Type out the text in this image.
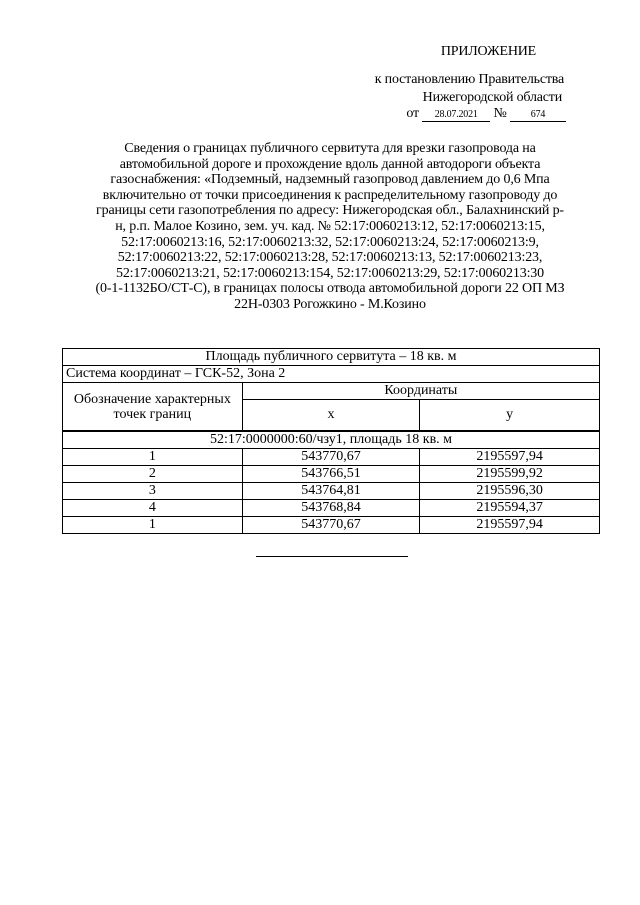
ПРИЛОЖЕНИЕ
к постановлению Правительства
Нижегородской области
от 28.07.2021 № 674
Сведения о границах публичного сервитута для врезки газопровода на
автомобильной дороге и прохождение вдоль данной автодороги объекта
газоснабжения: «Подземный, надземный газопровод давлением до 0,6 Мпа
включительно от точки присоединения к распределительному газопроводу до
границы сети газопотребления по адресу: Нижегородская обл., Балахнинский р-
н, р.п. Малое Козино, зем. уч. кад. № 52:17:0060213:12, 52:17:0060213:15,
52:17:0060213:16, 52:17:0060213:32, 52:17:0060213:24, 52:17:0060213:9,
52:17:0060213:22, 52:17:0060213:28, 52:17:0060213:13, 52:17:0060213:23,
52:17:0060213:21, 52:17:0060213:154, 52:17:0060213:29, 52:17:0060213:30
(0-1-1132БО/СТ-С), в границах полосы отвода автомобильной дороги 22 ОП МЗ
22Н-0303 Рогожкино - М.Козино
Площадь публичного сервитута – 18 кв. м		
Система координат – ГСК-52, Зона 2		
Обозначение характерных точек границ	Координаты	
	x	y
52:17:0000000:60/чзу1, площадь 18 кв. м		
1	543770,67	2195597,94
2	543766,51	2195599,92
3	543764,81	2195596,30
4	543768,84	2195594,37
1	543770,67	2195597,94
